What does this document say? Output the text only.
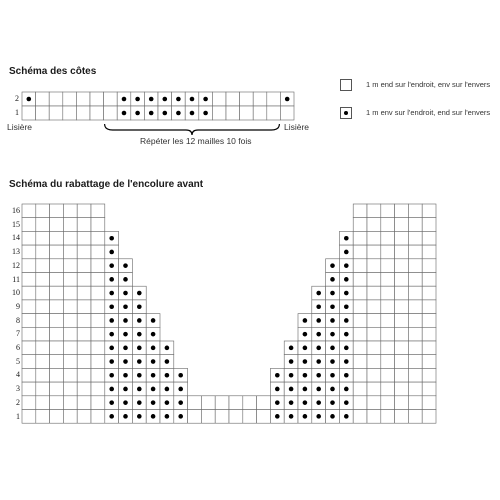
Schéma des côtes
1 m end sur l'endroit, env sur l'envers
1 m env sur l'endroit, end sur l'envers
2
1
Lisière	Lisière
Répéter les 12 mailles 10 fois
Schéma du rabattage de l'encolure avant
16
15
14
13
12
11
10
9
8
7
6
5
4
3
2
1
